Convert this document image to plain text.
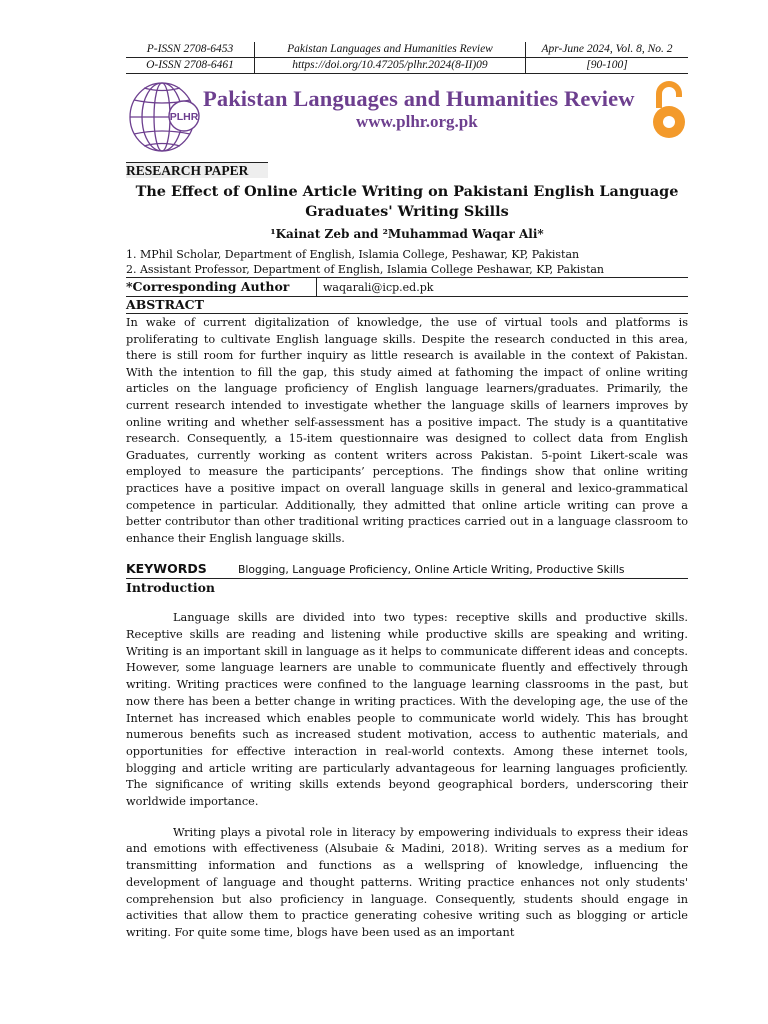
P-ISSN 2708-6453	Pakistan Languages and Humanities Review	Apr-June 2024, Vol. 8, No. 2
O-ISSN 2708-6461	https://doi.org/10.47205/plhr.2024(8-II)09	[90-100]
PLHR
Pakistan Languages and Humanities Review
www.plhr.org.pk
RESEARCH PAPER
The Effect of Online Article Writing on Pakistani English Language Graduates' Writing Skills
¹Kainat Zeb and ²Muhammad Waqar Ali*
1. MPhil Scholar, Department of English, Islamia College, Peshawar, KP, Pakistan
2. Assistant Professor, Department of English, Islamia College Peshawar, KP, Pakistan
*Corresponding Author	waqarali@icp.ed.pk
ABSTRACT
In wake of current digitalization of knowledge, the use of virtual tools and platforms is proliferating to cultivate English language skills. Despite the research conducted in this area, there is still room for further inquiry as little research is available in the context of Pakistan. With the intention to fill the gap, this study aimed at fathoming the impact of online writing articles on the language proficiency of English language learners/graduates. Primarily, the current research intended to investigate whether the language skills of learners improves by online writing and whether self-assessment has a positive impact. The study is a quantitative research. Consequently, a 15-item questionnaire was designed to collect data from English Graduates, currently working as content writers across Pakistan. 5-point Likert-scale was employed to measure the participants’ perceptions. The findings show that online writing practices have a positive impact on overall language skills in general and lexico-grammatical competence in particular. Additionally, they admitted that online article writing can prove a better contributor than other traditional writing practices carried out in a language classroom to enhance their English language skills.
KEYWORDS	Blogging, Language Proficiency, Online Article Writing, Productive Skills
Introduction

Language skills are divided into two types: receptive skills and productive skills. Receptive skills are reading and listening while productive skills are speaking and writing. Writing is an important skill in language as it helps to communicate different ideas and concepts. However, some language learners are unable to communicate fluently and effectively through writing. Writing practices were confined to the language learning classrooms in the past, but now there has been a better change in writing practices. With the developing age, the use of the Internet has increased which enables people to communicate world widely. This has brought numerous benefits such as increased student motivation, access to authentic materials, and opportunities for effective interaction in real-world contexts. Among these internet tools, blogging and article writing are particularly advantageous for learning languages proficiently. The significance of writing skills extends beyond geographical borders, underscoring their worldwide importance.

Writing plays a pivotal role in literacy by empowering individuals to express their ideas and emotions with effectiveness (Alsubaie & Madini, 2018). Writing serves as a medium for transmitting information and functions as a wellspring of knowledge, influencing the development of language and thought patterns. Writing practice enhances not only students' comprehension but also proficiency in language. Consequently, students should engage in activities that allow them to practice generating cohesive writing such as blogging or article writing. For quite some time, blogs have been used as an important
